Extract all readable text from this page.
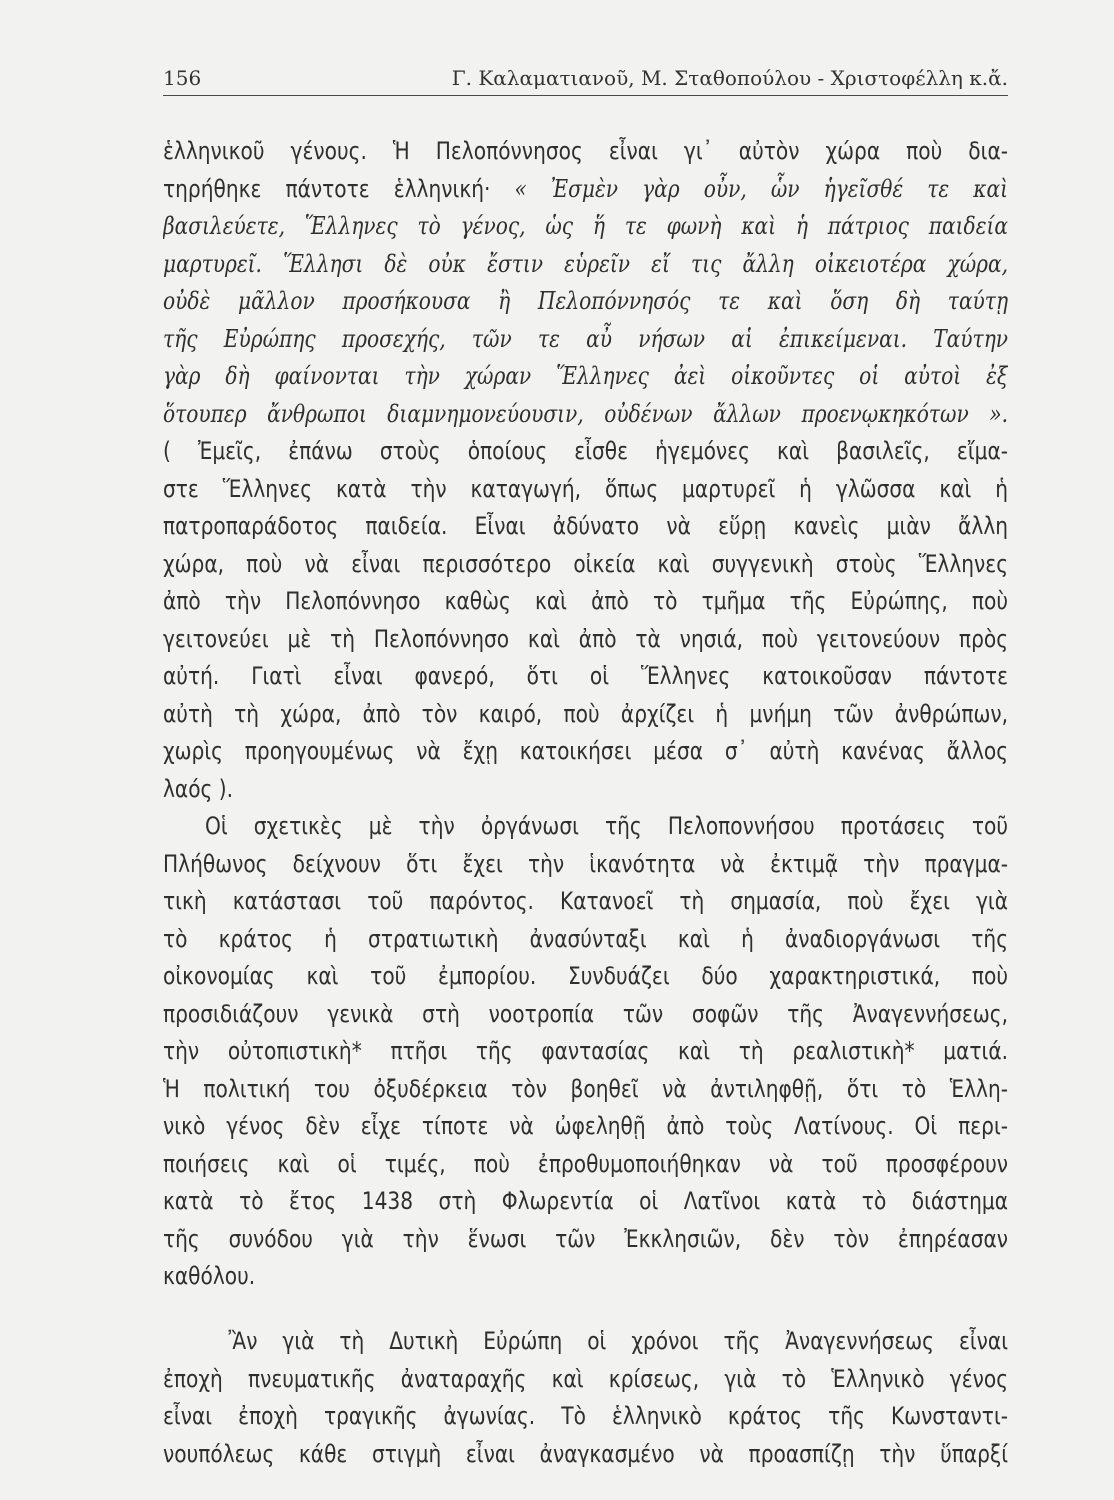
156	Γ. Καλαματιανοῦ, Μ. Σταθοπούλου - Χριστοφέλλη κ.ἄ.
ἑλληνικοῦ γένους. Ἡ Πελοπόννησος εἶναι γι᾽ αὐτὸν χώρα ποὺ δια-
τηρήθηκε πάντοτε ἑλληνική· « Ἐσμὲν γὰρ οὖν, ὧν ἡγεῖσθέ τε καὶ
βασιλεύετε, Ἕλληνες τὸ γένος, ὡς ἥ τε φωνὴ καὶ ἡ πάτριος παιδεία
μαρτυρεῖ. Ἕλλησι δὲ οὐκ ἔστιν εὑρεῖν εἴ τις ἄλλη οἰκειοτέρα χώρα,
οὐδὲ μᾶλλον προσήκουσα ἢ Πελοπόννησός τε καὶ ὅση δὴ ταύτῃ
τῆς Εὐρώπης προσεχής, τῶν τε αὖ νήσων αἱ ἐπικείμεναι. Ταύτην
γὰρ δὴ φαίνονται τὴν χώραν Ἕλληνες ἀεὶ οἰκοῦντες οἱ αὐτοὶ ἐξ
ὅτουπερ ἄνθρωποι διαμνημονεύουσιν, οὐδένων ἄλλων προενῳκηκότων ».
( Ἐμεῖς, ἐπάνω στοὺς ὁποίους εἶσθε ἡγεμόνες καὶ βασιλεῖς, εἴμα-
στε Ἕλληνες κατὰ τὴν καταγωγή, ὅπως μαρτυρεῖ ἡ γλῶσσα καὶ ἡ
πατροπαράδοτος παιδεία. Εἶναι ἀδύνατο νὰ εὕρῃ κανεὶς μιὰν ἄλλη
χώρα, ποὺ νὰ εἶναι περισσότερο οἰκεία καὶ συγγενικὴ στοὺς Ἕλληνες
ἀπὸ τὴν Πελοπόννησο καθὼς καὶ ἀπὸ τὸ τμῆμα τῆς Εὐρώπης, ποὺ
γειτονεύει μὲ τὴ Πελοπόννησο καὶ ἀπὸ τὰ νησιά, ποὺ γειτονεύουν πρὸς
αὐτή. Γιατὶ εἶναι φανερό, ὅτι οἱ Ἕλληνες κατοικοῦσαν πάντοτε
αὐτὴ τὴ χώρα, ἀπὸ τὸν καιρό, ποὺ ἀρχίζει ἡ μνήμη τῶν ἀνθρώπων,
χωρὶς προηγουμένως νὰ ἔχῃ κατοικήσει μέσα σ᾽ αὐτὴ κανένας ἄλλος
λαός ).
Οἱ σχετικὲς μὲ τὴν ὀργάνωσι τῆς Πελοποννήσου προτάσεις τοῦ
Πλήθωνος δείχνουν ὅτι ἔχει τὴν ἱκανότητα νὰ ἐκτιμᾷ τὴν πραγμα-
τικὴ κατάστασι τοῦ παρόντος. Κατανοεῖ τὴ σημασία, ποὺ ἔχει γιὰ
τὸ κράτος ἡ στρατιωτικὴ ἀνασύνταξι καὶ ἡ ἀναδιοργάνωσι τῆς
οἰκονομίας καὶ τοῦ ἐμπορίου. Συνδυάζει δύο χαρακτηριστικά, ποὺ
προσιδιάζουν γενικὰ στὴ νοοτροπία τῶν σοφῶν τῆς Ἀναγεννήσεως,
τὴν οὐτοπιστικὴ* πτῆσι τῆς φαντασίας καὶ τὴ ρεαλιστικὴ* ματιά.
Ἡ πολιτική του ὀξυδέρκεια τὸν βοηθεῖ νὰ ἀντιληφθῇ, ὅτι τὸ Ἑλλη-
νικὸ γένος δὲν εἶχε τίποτε νὰ ὠφεληθῇ ἀπὸ τοὺς Λατίνους. Οἱ περι-
ποιήσεις καὶ οἱ τιμές, ποὺ ἐπροθυμοποιήθηκαν νὰ τοῦ προσφέρουν
κατὰ τὸ ἔτος 1438 στὴ Φλωρεντία οἱ Λατῖνοι κατὰ τὸ διάστημα
τῆς συνόδου γιὰ τὴν ἕνωσι τῶν Ἐκκλησιῶν, δὲν τὸν ἐπηρέασαν
καθόλου.
Ἂν γιὰ τὴ Δυτικὴ Εὐρώπη οἱ χρόνοι τῆς Ἀναγεννήσεως εἶναι
ἐποχὴ πνευματικῆς ἀναταραχῆς καὶ κρίσεως, γιὰ τὸ Ἑλληνικὸ γένος
εἶναι ἐποχὴ τραγικῆς ἀγωνίας. Τὸ ἑλληνικὸ κράτος τῆς Κωνσταντι-
νουπόλεως κάθε στιγμὴ εἶναι ἀναγκασμένο νὰ προασπίζῃ τὴν ὕπαρξί
